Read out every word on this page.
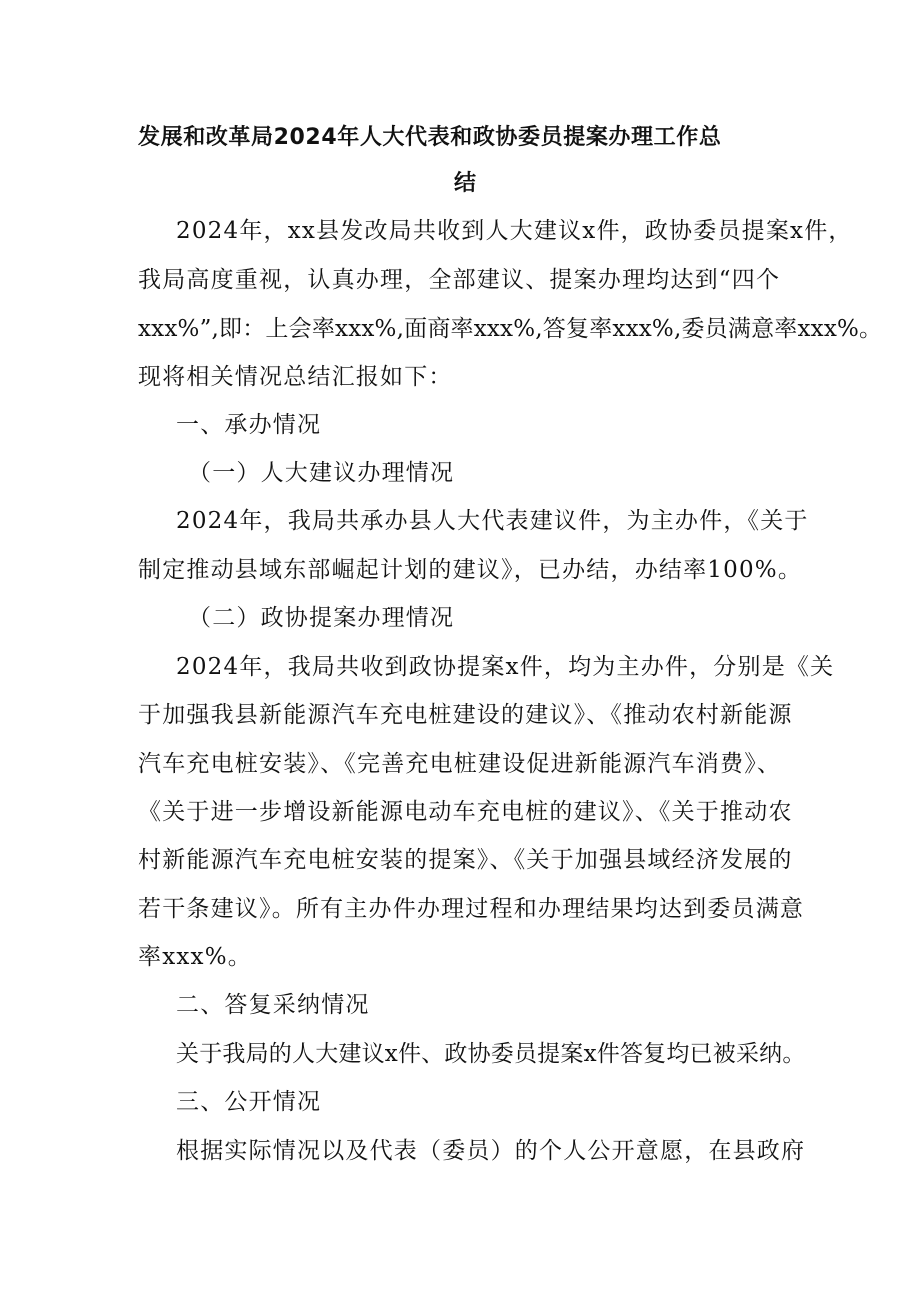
发展和改革局2024年人大代表和政协委员提案办理工作总
结
2024年，xx县发改局共收到人大建议x件，政协委员提案x件，
我局高度重视，认真办理，全部建议、提案办理均达到“四个
xxx%”,即：上会率xxx%,面商率xxx%,答复率xxx%,委员满意率xxx%。
现将相关情况总结汇报如下：
一、承办情况
（一）人大建议办理情况
2024年，我局共承办县人大代表建议件，为主办件，《关于
制定推动县域东部崛起计划的建议》，已办结，办结率100%。
（二）政协提案办理情况
2024年，我局共收到政协提案x件，均为主办件，分别是《关
于加强我县新能源汽车充电桩建设的建议》、《推动农村新能源
汽车充电桩安装》、《完善充电桩建设促进新能源汽车消费》、
《关于进一步增设新能源电动车充电桩的建议》、《关于推动农
村新能源汽车充电桩安装的提案》、《关于加强县域经济发展的
若干条建议》。所有主办件办理过程和办理结果均达到委员满意
率xxx%。
二、答复采纳情况
关于我局的人大建议x件、政协委员提案x件答复均已被采纳。
三、公开情况
根据实际情况以及代表（委员）的个人公开意愿，在县政府
